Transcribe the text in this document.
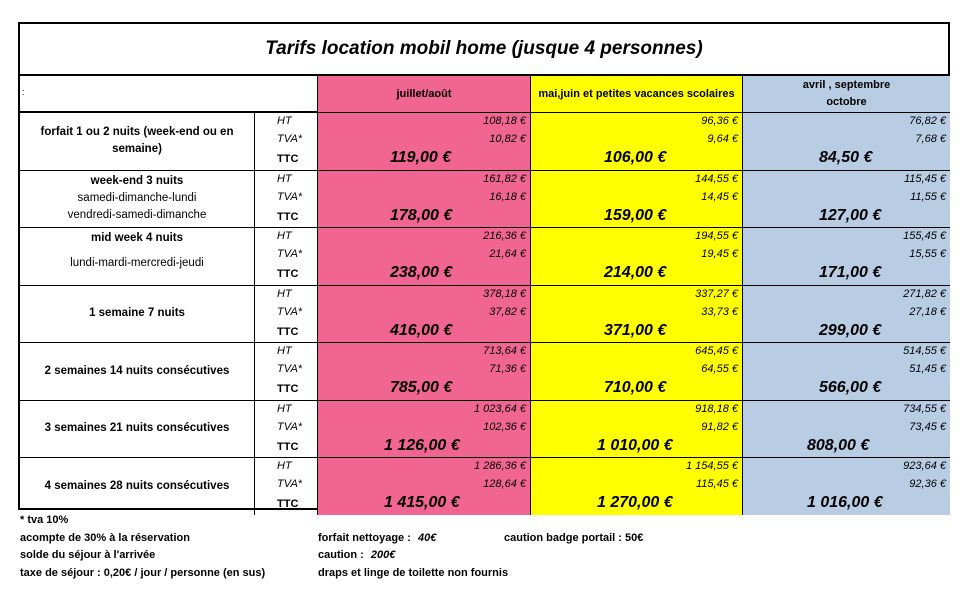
Tarifs location mobil home (jusque 4 personnes)
:	juillet/août	mai,juin et petites vacances scolaires
avril , septembre octobre
forfait 1 ou 2 nuits (week-end ou en semaine)
HT
TVA*
TTC
108,18 €
10,82 €
119,00 €
96,36 €
9,64 €
106,00 €
76,82 €
7,68 €
84,50 €
week-end 3 nuits
samedi-dimanche-lundi
vendredi-samedi-dimanche
HT
TVA*
TTC
161,82 €
16,18 €
178,00 €
144,55 €
14,45 €
159,00 €
115,45 €
11,55 €
127,00 €
mid week 4 nuits
lundi-mardi-mercredi-jeudi
HT
TVA*
TTC
216,36 €
21,64 €
238,00 €
194,55 €
19,45 €
214,00 €
155,45 €
15,55 €
171,00 €
1 semaine 7 nuits
HT
TVA*
TTC
378,18 €
37,82 €
416,00 €
337,27 €
33,73 €
371,00 €
271,82 €
27,18 €
299,00 €
2 semaines 14 nuits consécutives
HT
TVA*
TTC
713,64 €
71,36 €
785,00 €
645,45 €
64,55 €
710,00 €
514,55 €
51,45 €
566,00 €
3 semaines 21 nuits consécutives
HT
TVA*
TTC
1 023,64 €
102,36 €
1 126,00 €
918,18 €
91,82 €
1 010,00 €
734,55 €
73,45 €
808,00 €
4 semaines 28 nuits consécutives
HT
TVA*
TTC
1 286,36 €
128,64 €
1 415,00 €
1 154,55 €
115,45 €
1 270,00 €
923,64 €
92,36 €
1 016,00 €
* tva 10%
acompte de 30% à la réservation
solde du séjour à l'arrivée
taxe de séjour : 0,20€ / jour / personne (en sus)
forfait nettoyage : 40€
caution : 200€
draps et linge de toilette non fournis
caution badge portail : 50€
